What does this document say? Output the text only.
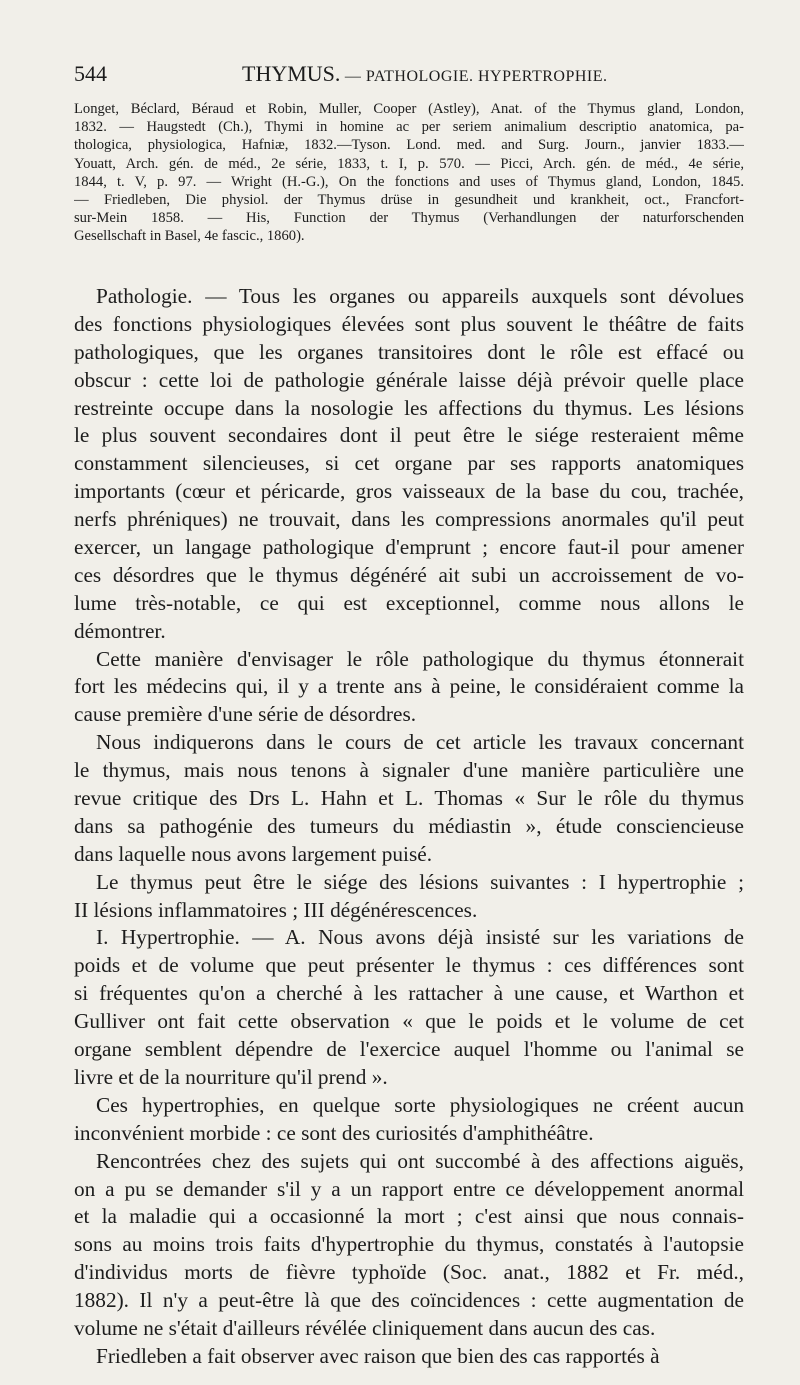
544	THYMUS. — PATHOLOGIE. HYPERTROPHIE.
Longet, Béclard, Béraud et Robin, Muller, Cooper (Astley), Anat. of the Thymus gland, London,
1832. — Haugstedt (Ch.), Thymi in homine ac per seriem animalium descriptio anatomica, pa-
thologica, physiologica, Hafniæ, 1832.—Tyson. Lond. med. and Surg. Journ., janvier 1833.—
Youatt, Arch. gén. de méd., 2e série, 1833, t. I, p. 570. — Picci, Arch. gén. de méd., 4e série,
1844, t. V, p. 97. — Wright (H.-G.), On the fonctions and uses of Thymus gland, London, 1845.
— Friedleben, Die physiol. der Thymus drüse in gesundheit und krankheit, oct., Francfort-
sur-Mein 1858. — His, Function der Thymus (Verhandlungen der naturforschenden
Gesellschaft in Basel, 4e fascic., 1860).
Pathologie. — Tous les organes ou appareils auxquels sont dévolues
des fonctions physiologiques élevées sont plus souvent le théâtre de faits
pathologiques, que les organes transitoires dont le rôle est effacé ou
obscur : cette loi de pathologie générale laisse déjà prévoir quelle place
restreinte occupe dans la nosologie les affections du thymus. Les lésions
le plus souvent secondaires dont il peut être le siége resteraient même
constamment silencieuses, si cet organe par ses rapports anatomiques
importants (cœur et péricarde, gros vaisseaux de la base du cou, trachée,
nerfs phréniques) ne trouvait, dans les compressions anormales qu'il peut
exercer, un langage pathologique d'emprunt ; encore faut-il pour amener
ces désordres que le thymus dégénéré ait subi un accroissement de vo-
lume très-notable, ce qui est exceptionnel, comme nous allons le
démontrer.
Cette manière d'envisager le rôle pathologique du thymus étonnerait
fort les médecins qui, il y a trente ans à peine, le considéraient comme la
cause première d'une série de désordres.
Nous indiquerons dans le cours de cet article les travaux concernant
le thymus, mais nous tenons à signaler d'une manière particulière une
revue critique des Drs L. Hahn et L. Thomas « Sur le rôle du thymus
dans sa pathogénie des tumeurs du médiastin », étude consciencieuse
dans laquelle nous avons largement puisé.
Le thymus peut être le siége des lésions suivantes : I hypertrophie ;
II lésions inflammatoires ; III dégénérescences.
I. Hypertrophie. — A. Nous avons déjà insisté sur les variations de
poids et de volume que peut présenter le thymus : ces différences sont
si fréquentes qu'on a cherché à les rattacher à une cause, et Warthon et
Gulliver ont fait cette observation « que le poids et le volume de cet
organe semblent dépendre de l'exercice auquel l'homme ou l'animal se
livre et de la nourriture qu'il prend ».
Ces hypertrophies, en quelque sorte physiologiques ne créent aucun
inconvénient morbide : ce sont des curiosités d'amphithéâtre.
Rencontrées chez des sujets qui ont succombé à des affections aiguës,
on a pu se demander s'il y a un rapport entre ce développement anormal
et la maladie qui a occasionné la mort ; c'est ainsi que nous connais-
sons au moins trois faits d'hypertrophie du thymus, constatés à l'autopsie
d'individus morts de fièvre typhoïde (Soc. anat., 1882 et Fr. méd.,
1882). Il n'y a peut-être là que des coïncidences : cette augmentation de
volume ne s'était d'ailleurs révélée cliniquement dans aucun des cas.
Friedleben a fait observer avec raison que bien des cas rapportés à
